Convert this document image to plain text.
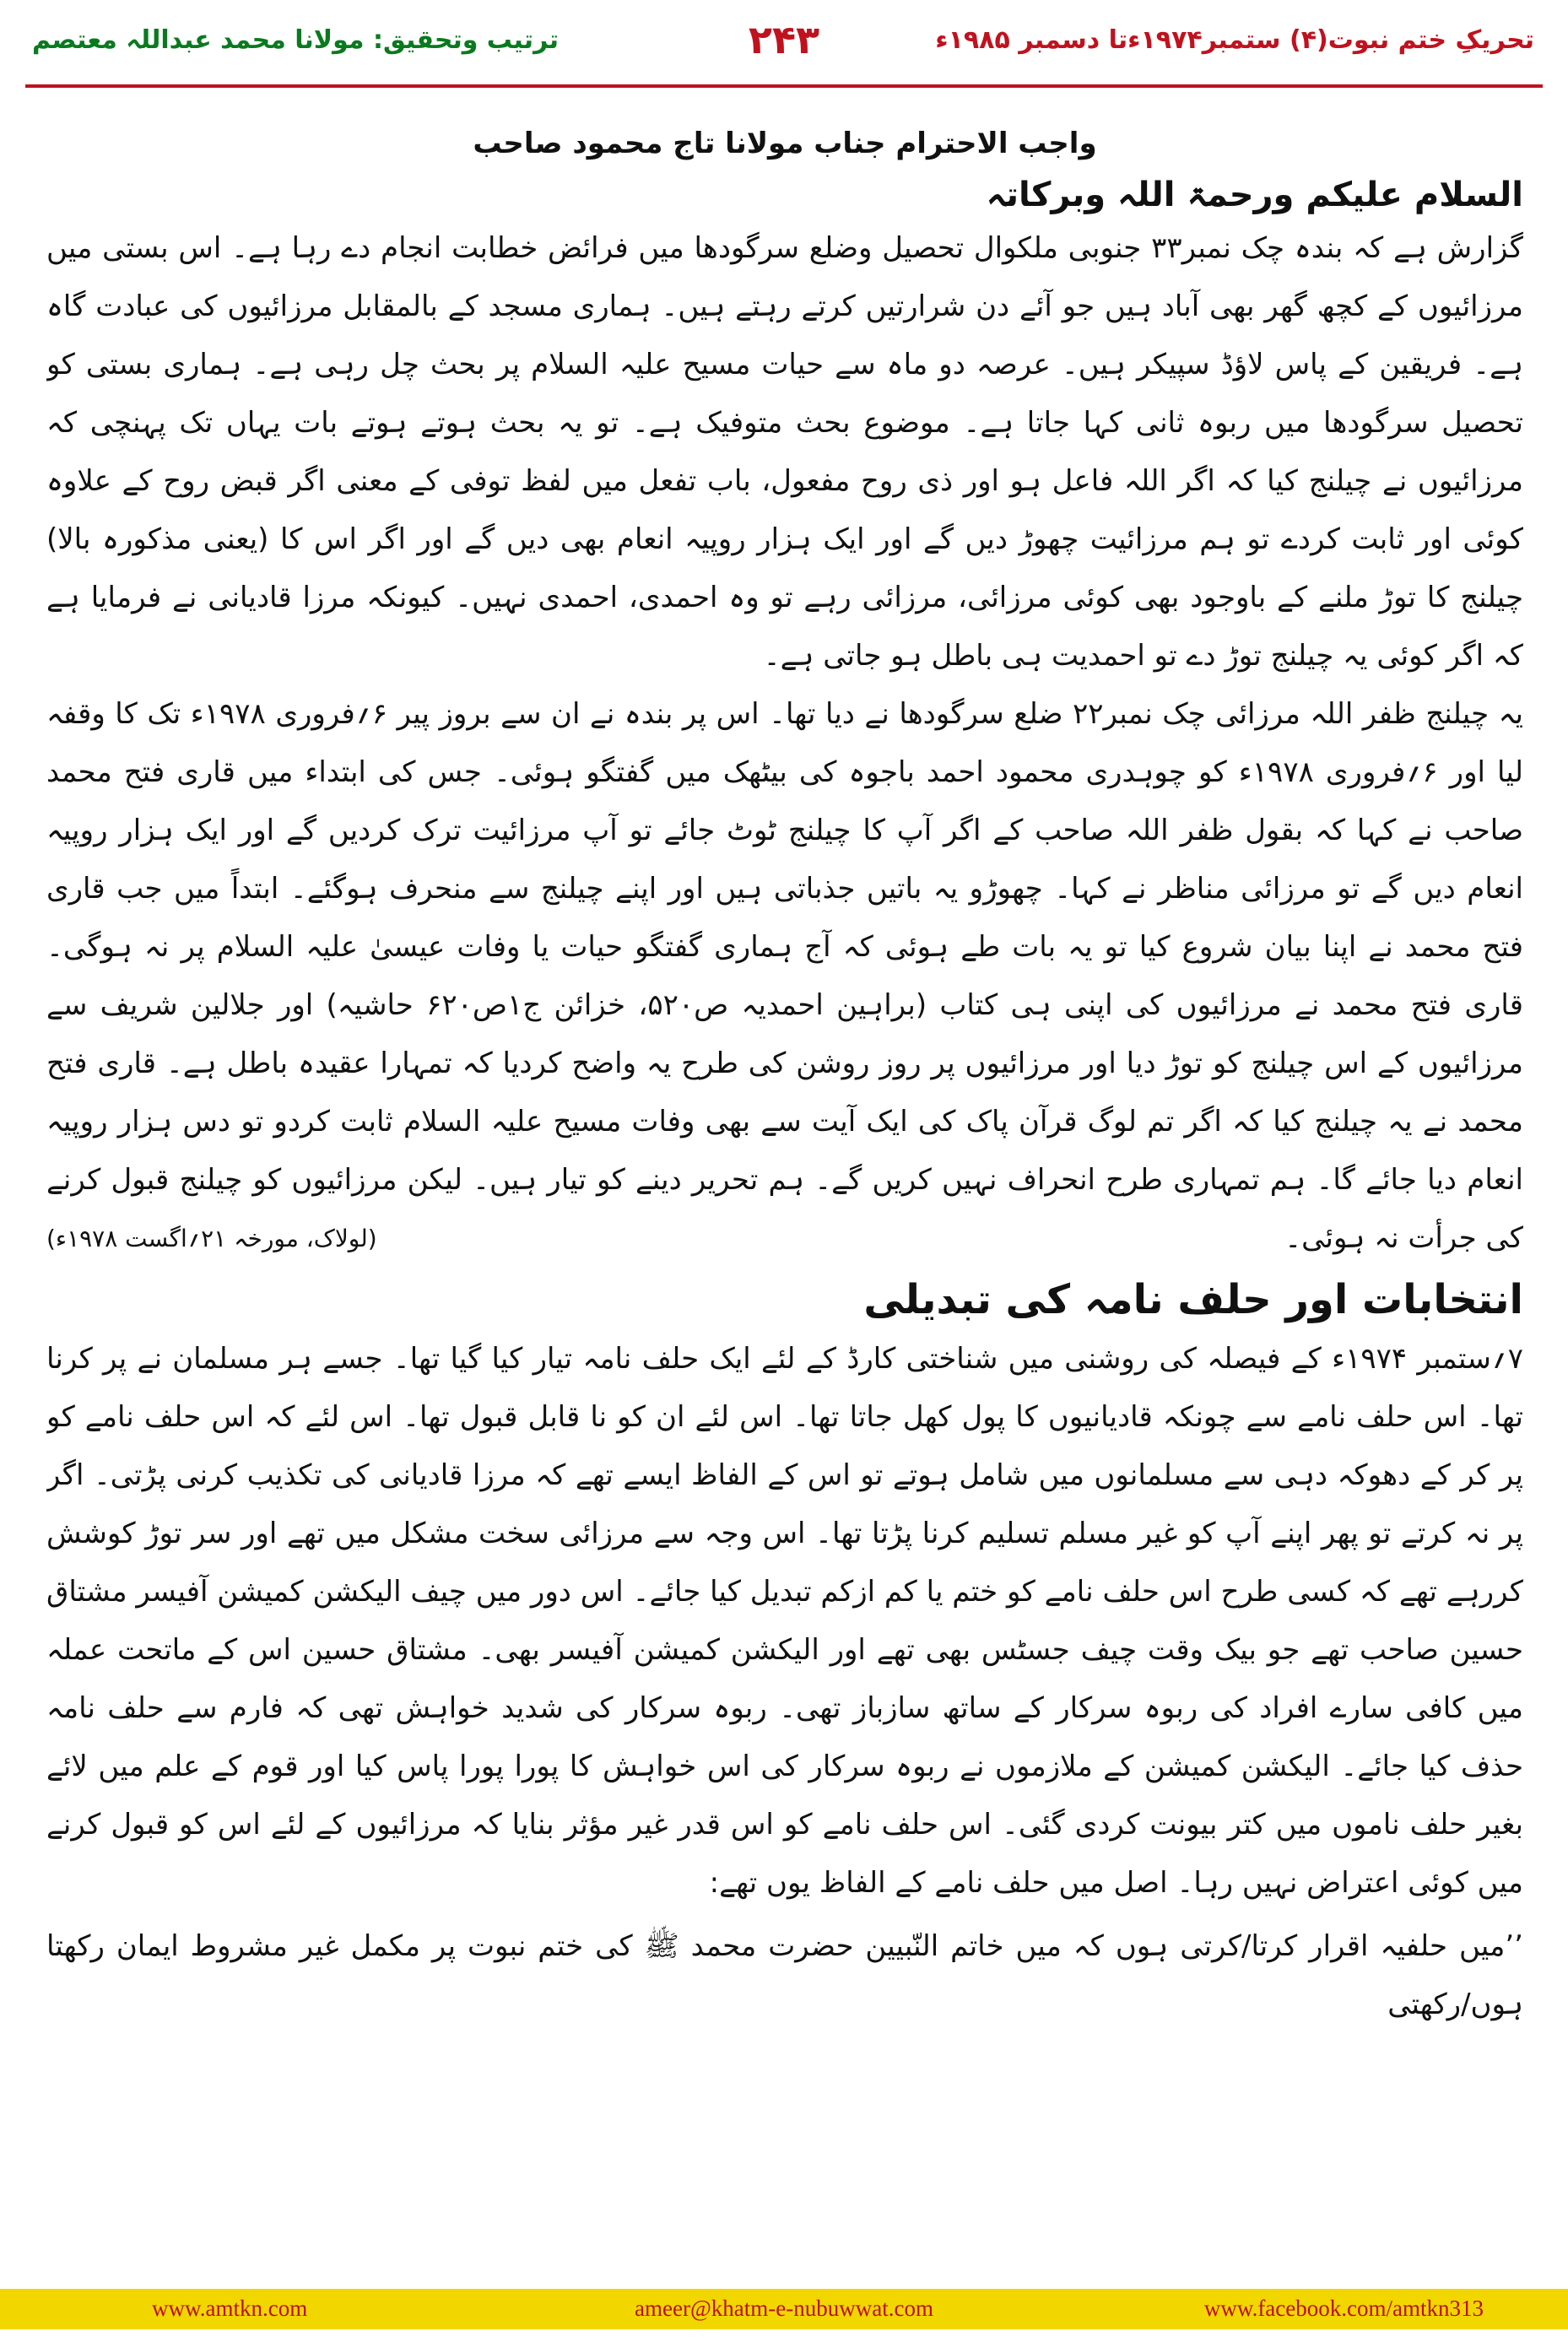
ترتیب وتحقیق: مولانا محمد عبداللہ معتصم	۲۴۳	تحریکِ ختم نبوت(۴) ستمبر۱۹۷۴ءتا دسمبر ۱۹۸۵ء

واجب الاحترام جناب مولانا تاج محمود صاحب

السلام علیکم ورحمۃ اللہ وبرکاتہ

گزارش ہے کہ بندہ چک نمبر۳۳ جنوبی ملکوال تحصیل وضلع سرگودھا میں فرائض خطابت انجام دے رہا ہے۔ اس بستی میں مرزائیوں کے کچھ گھر بھی آباد ہیں جو آئے دن شرارتیں کرتے رہتے ہیں۔ ہماری مسجد کے بالمقابل مرزائیوں کی عبادت گاہ ہے۔ فریقین کے پاس لاؤڈ سپیکر ہیں۔ عرصہ دو ماہ سے حیات مسیح علیہ السلام پر بحث چل رہی ہے۔ ہماری بستی کو تحصیل سرگودھا میں ربوہ ثانی کہا جاتا ہے۔ موضوع بحث متوفیک ہے۔ تو یہ بحث ہوتے ہوتے بات یہاں تک پہنچی کہ مرزائیوں نے چیلنج کیا کہ اگر اللہ فاعل ہو اور ذی روح مفعول، باب تفعل میں لفظ توفی کے معنی اگر قبض روح کے علاوہ کوئی اور ثابت کردے تو ہم مرزائیت چھوڑ دیں گے اور ایک ہزار روپیہ انعام بھی دیں گے اور اگر اس کا (یعنی مذکورہ بالا) چیلنج کا توڑ ملنے کے باوجود بھی کوئی مرزائی، مرزائی رہے تو وہ احمدی، احمدی نہیں۔ کیونکہ مرزا قادیانی نے فرمایا ہے کہ اگر کوئی یہ چیلنج توڑ دے تو احمدیت ہی باطل ہو جاتی ہے۔

یہ چیلنج ظفر اللہ مرزائی چک نمبر۲۲ ضلع سرگودھا نے دیا تھا۔ اس پر بندہ نے ان سے بروز پیر ۶؍فروری ۱۹۷۸ء تک کا وقفہ لیا اور ۶؍فروری ۱۹۷۸ء کو چوہدری محمود احمد باجوہ کی بیٹھک میں گفتگو ہوئی۔ جس کی ابتداء میں قاری فتح محمد صاحب نے کہا کہ بقول ظفر اللہ صاحب کے اگر آپ کا چیلنج ٹوٹ جائے تو آپ مرزائیت ترک کردیں گے اور ایک ہزار روپیہ انعام دیں گے تو مرزائی مناظر نے کہا۔ چھوڑو یہ باتیں جذباتی ہیں اور اپنے چیلنج سے منحرف ہوگئے۔ ابتداً میں جب قاری فتح محمد نے اپنا بیان شروع کیا تو یہ بات طے ہوئی کہ آج ہماری گفتگو حیات یا وفات عیسیٰ علیہ السلام پر نہ ہوگی۔ قاری فتح محمد نے مرزائیوں کی اپنی ہی کتاب (براہین احمدیہ ص۵۲۰، خزائن ج۱ص۶۲۰ حاشیہ) اور جلالین شریف سے مرزائیوں کے اس چیلنج کو توڑ دیا اور مرزائیوں پر روز روشن کی طرح یہ واضح کردیا کہ تمہارا عقیدہ باطل ہے۔ قاری فتح محمد نے یہ چیلنج کیا کہ اگر تم لوگ قرآن پاک کی ایک آیت سے بھی وفات مسیح علیہ السلام ثابت کردو تو دس ہزار روپیہ انعام دیا جائے گا۔ ہم تمہاری طرح انحراف نہیں کریں گے۔ ہم تحریر دینے کو تیار ہیں۔ لیکن مرزائیوں کو چیلنج قبول کرنے کی جرأت نہ ہوئی۔
(لولاک، مورخہ ۲۱؍اگست ۱۹۷۸ء)

انتخابات اور حلف نامہ کی تبدیلی

۷؍ستمبر ۱۹۷۴ء کے فیصلہ کی روشنی میں شناختی کارڈ کے لئے ایک حلف نامہ تیار کیا گیا تھا۔ جسے ہر مسلمان نے پر کرنا تھا۔ اس حلف نامے سے چونکہ قادیانیوں کا پول کھل جاتا تھا۔ اس لئے ان کو نا قابل قبول تھا۔ اس لئے کہ اس حلف نامے کو پر کر کے دھوکہ دہی سے مسلمانوں میں شامل ہوتے تو اس کے الفاظ ایسے تھے کہ مرزا قادیانی کی تکذیب کرنی پڑتی۔ اگر پر نہ کرتے تو پھر اپنے آپ کو غیر مسلم تسلیم کرنا پڑتا تھا۔ اس وجہ سے مرزائی سخت مشکل میں تھے اور سر توڑ کوشش کررہے تھے کہ کسی طرح اس حلف نامے کو ختم یا کم ازکم تبدیل کیا جائے۔ اس دور میں چیف الیکشن کمیشن آفیسر مشتاق حسین صاحب تھے جو بیک وقت چیف جسٹس بھی تھے اور الیکشن کمیشن آفیسر بھی۔ مشتاق حسین اس کے ماتحت عملہ میں کافی سارے افراد کی ربوہ سرکار کے ساتھ سازباز تھی۔ ربوہ سرکار کی شدید خواہش تھی کہ فارم سے حلف نامہ حذف کیا جائے۔ الیکشن کمیشن کے ملازموں نے ربوہ سرکار کی اس خواہش کا پورا پورا پاس کیا اور قوم کے علم میں لائے بغیر حلف ناموں میں کتر بیونت کردی گئی۔ اس حلف نامے کو اس قدر غیر مؤثر بنایا کہ مرزائیوں کے لئے اس کو قبول کرنے میں کوئی اعتراض نہیں رہا۔ اصل میں حلف نامے کے الفاظ یوں تھے:

’’میں حلفیہ اقرار کرتا/کرتی ہوں کہ میں خاتم النّبیین حضرت محمد ﷺ کی ختم نبوت پر مکمل غیر مشروط ایمان رکھتا ہوں/رکھتی

www.amtkn.com	ameer@khatm-e-nubuwwat.com	www.facebook.com/amtkn313
